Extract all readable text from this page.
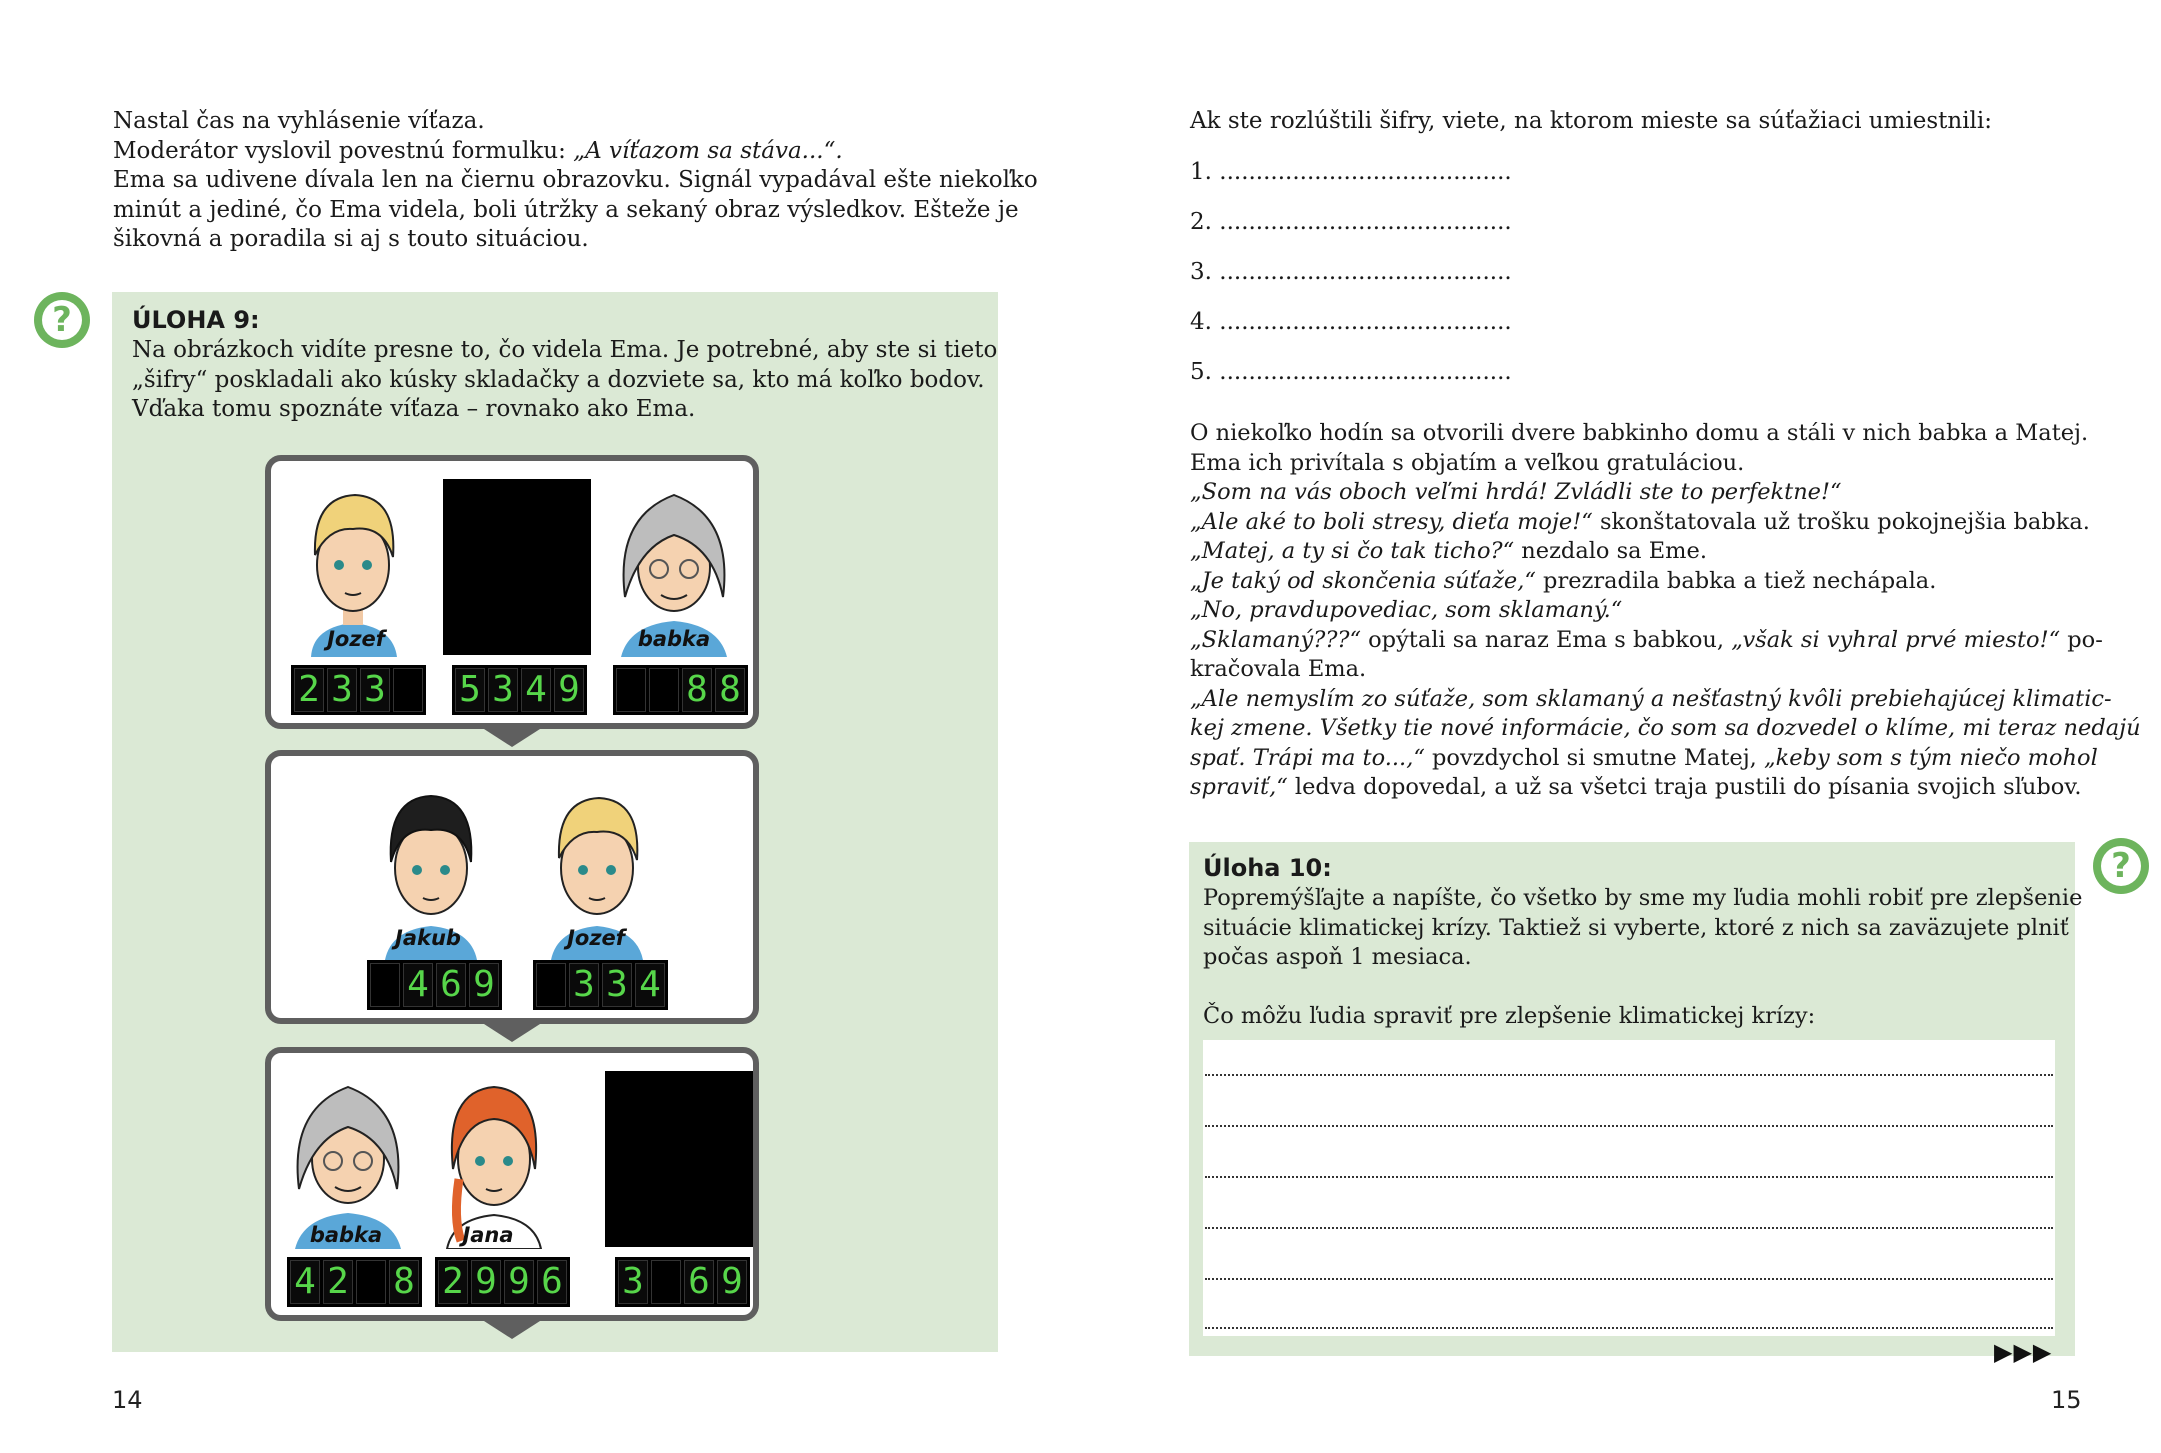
Nastal čas na vyhlásenie víťaza.
Moderátor vyslovil povestnú formulku: „A víťazom sa stáva...“.
Ema sa udivene dívala len na čiernu obrazovku. Signál vypadával ešte niekoľko
minút a jediné, čo Ema videla, boli útržky a sekaný obraz výsledkov. Ešteže je
šikovná a poradila si aj s touto situáciou.
?	ÚLOHA 9:
Na obrázkoch vidíte presne to, čo videla Ema. Je potrebné, aby ste si tieto
„šifry“ poskladali ako kúsky skladačky a dozviete sa, kto má koľko bodov.
Vďaka tomu spoznáte víťaza – rovnako ako Ema.
Jozef	babka
2 3 3 5 3 4 9	8 8
Jakub	Jozef
4 6 9 3 3 4
babka	Jana
4 2 8 2 9 9 6 3 6 9
14
Ak ste rozlúštili šifry, viete, na ktorom mieste sa súťažiaci umiestnili:
1. ........................................
2. ........................................
3. ........................................
4. ........................................
5. ........................................
O niekoľko hodín sa otvorili dvere babkinho domu a stáli v nich babka a Matej.
Ema ich privítala s objatím a veľkou gratuláciou.
„Som na vás oboch veľmi hrdá! Zvládli ste to perfektne!“
„Ale aké to boli stresy, dieťa moje!“ skonštatovala už trošku pokojnejšia babka.
„Matej, a ty si čo tak ticho?“ nezdalo sa Eme.
„Je taký od skončenia súťaže,“ prezradila babka a tiež nechápala.
„No, pravdupovediac, som sklamaný.“
„Sklamaný???“ opýtali sa naraz Ema s babkou, „však si vyhral prvé miesto!“ po-
kračovala Ema.
„Ale nemyslím zo súťaže, som sklamaný a nešťastný kvôli prebiehajúcej klimatic-
kej zmene. Všetky tie nové informácie, čo som sa dozvedel o klíme, mi teraz nedajú
spať. Trápi ma to...,“ povzdychol si smutne Matej, „keby som s tým niečo mohol
spraviť,“ ledva dopovedal, a už sa všetci traja pustili do písania svojich sľubov.
Úloha 10:
Popremýšľajte a napíšte, čo všetko by sme my ľudia mohli robiť pre zlepšenie
situácie klimatickej krízy. Taktiež si vyberte, ktoré z nich sa zaväzujete plniť
počas aspoň 1 mesiaca.
Čo môžu ľudia spraviť pre zlepšenie klimatickej krízy:
?
▶▶▶
15
